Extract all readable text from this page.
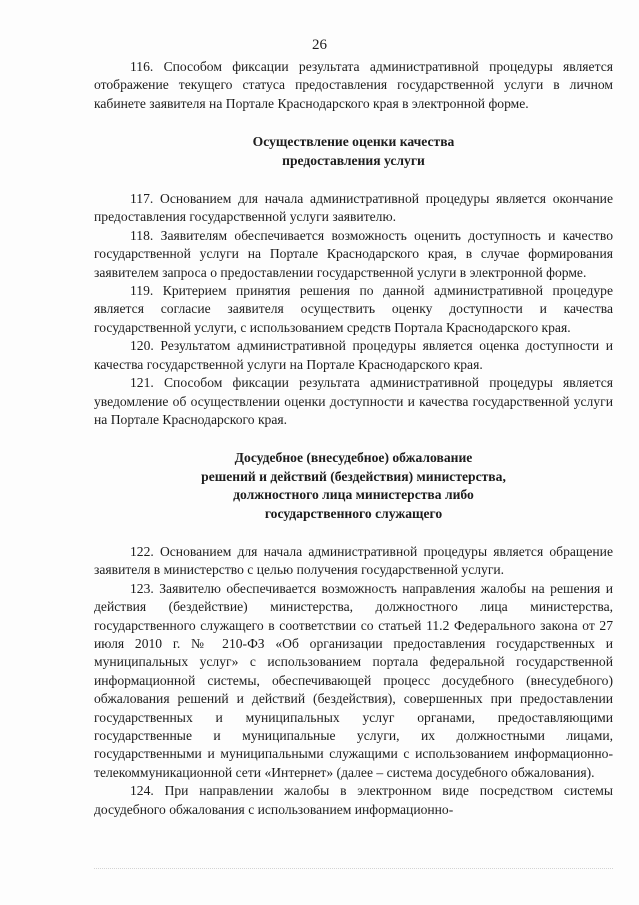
26

116. Способом фиксации результата административной процедуры является отображение текущего статуса предоставления государственной услуги в личном кабинете заявителя на Портале Краснодарского края в электронной форме.

Осуществление оценки качества
предоставления услуги

117. Основанием для начала административной процедуры является окончание предоставления государственной услуги заявителю.

118. Заявителям обеспечивается возможность оценить доступность и качество государственной услуги на Портале Краснодарского края, в случае формирования заявителем запроса о предоставлении государственной услуги в электронной форме.

119. Критерием принятия решения по данной административной процедуре является согласие заявителя осуществить оценку доступности и качества государственной услуги, с использованием средств Портала Краснодарского края.

120. Результатом административной процедуры является оценка доступности и качества государственной услуги на Портале Краснодарского края.

121. Способом фиксации результата административной процедуры является уведомление об осуществлении оценки доступности и качества государственной услуги на Портале Краснодарского края.

Досудебное (внесудебное) обжалование
решений и действий (бездействия) министерства,
должностного лица министерства либо
государственного служащего

122. Основанием для начала административной процедуры является обращение заявителя в министерство с целью получения государственной услуги.

123. Заявителю обеспечивается возможность направления жалобы на решения и действия (бездействие) министерства, должностного лица министерства, государственного служащего в соответствии со статьей 11.2 Федерального закона от 27 июля 2010 г. № 210-ФЗ «Об организации предоставления государственных и муниципальных услуг» с использованием портала федеральной государственной информационной системы, обеспечивающей процесс досудебного (внесудебного) обжалования решений и действий (бездействия), совершенных при предоставлении государственных и муниципальных услуг органами, предоставляющими государственные и муниципальные услуги, их должностными лицами, государственными и муниципальными служащими с использованием информационно-телекоммуникационной сети «Интернет» (далее – система досудебного обжалования).

124. При направлении жалобы в электронном виде посредством системы досудебного обжалования с использованием информационно-
